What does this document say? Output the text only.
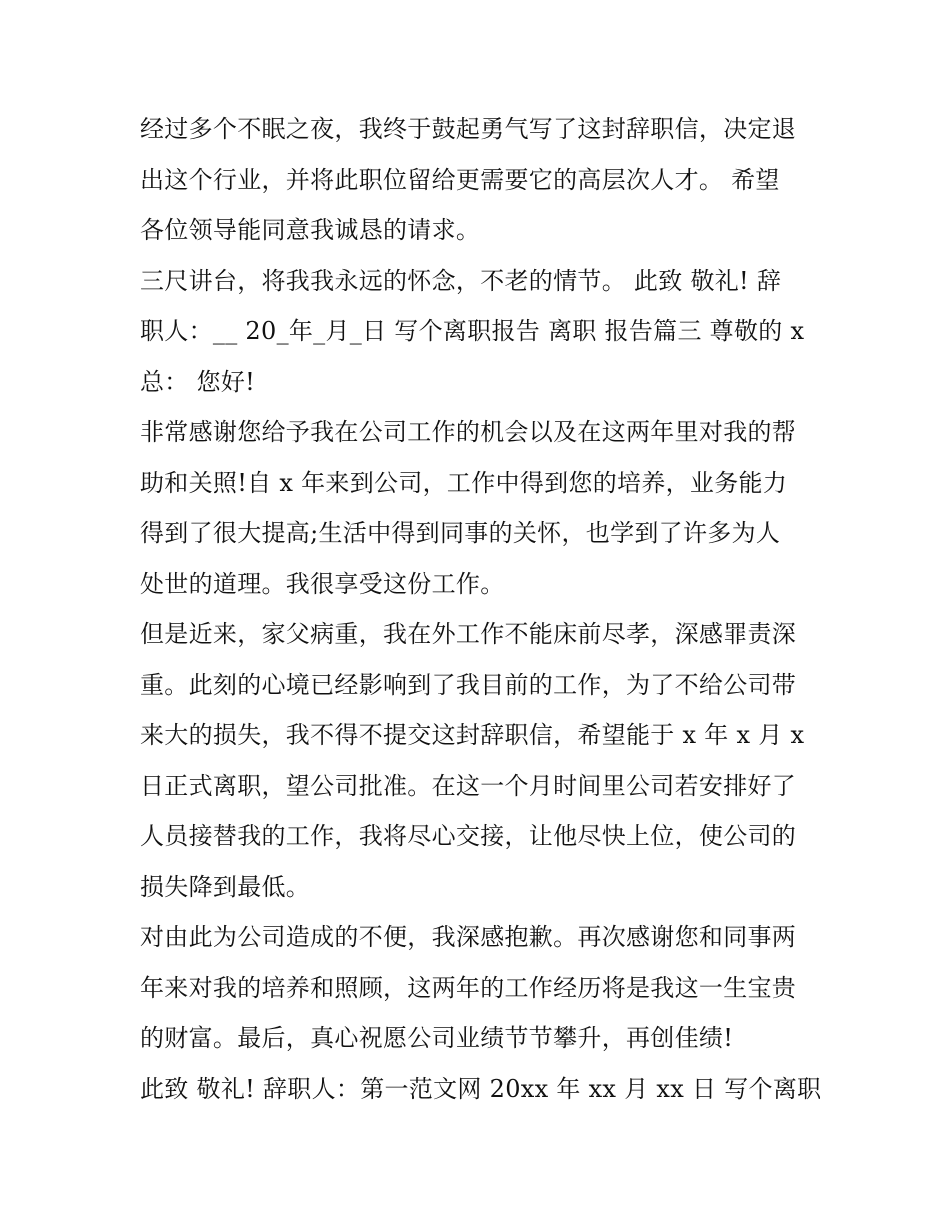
经过多个不眠之夜，我终于鼓起勇气写了这封辞职信，决定退
出这个行业，并将此职位留给更需要它的高层次人才。 希望
各位领导能同意我诚恳的请求。

三尺讲台，将我我永远的怀念，不老的情节。 此致 敬礼! 辞
职人：__ 20_年_月_日 写个离职报告 离职 报告篇三 尊敬的 x
总： 您好!

非常感谢您给予我在公司工作的机会以及在这两年里对我的帮
助和关照!自 x 年来到公司，工作中得到您的培养，业务能力
得到了很大提高;生活中得到同事的关怀，也学到了许多为人
处世的道理。我很享受这份工作。

但是近来，家父病重，我在外工作不能床前尽孝，深感罪责深
重。此刻的心境已经影响到了我目前的工作，为了不给公司带
来大的损失，我不得不提交这封辞职信，希望能于 x 年 x 月 x
日正式离职，望公司批准。在这一个月时间里公司若安排好了
人员接替我的工作，我将尽心交接，让他尽快上位，使公司的
损失降到最低。

对由此为公司造成的不便，我深感抱歉。再次感谢您和同事两
年来对我的培养和照顾，这两年的工作经历将是我这一生宝贵
的财富。最后，真心祝愿公司业绩节节攀升，再创佳绩!

此致 敬礼! 辞职人：第一范文网 20xx 年 xx 月 xx 日 写个离职
